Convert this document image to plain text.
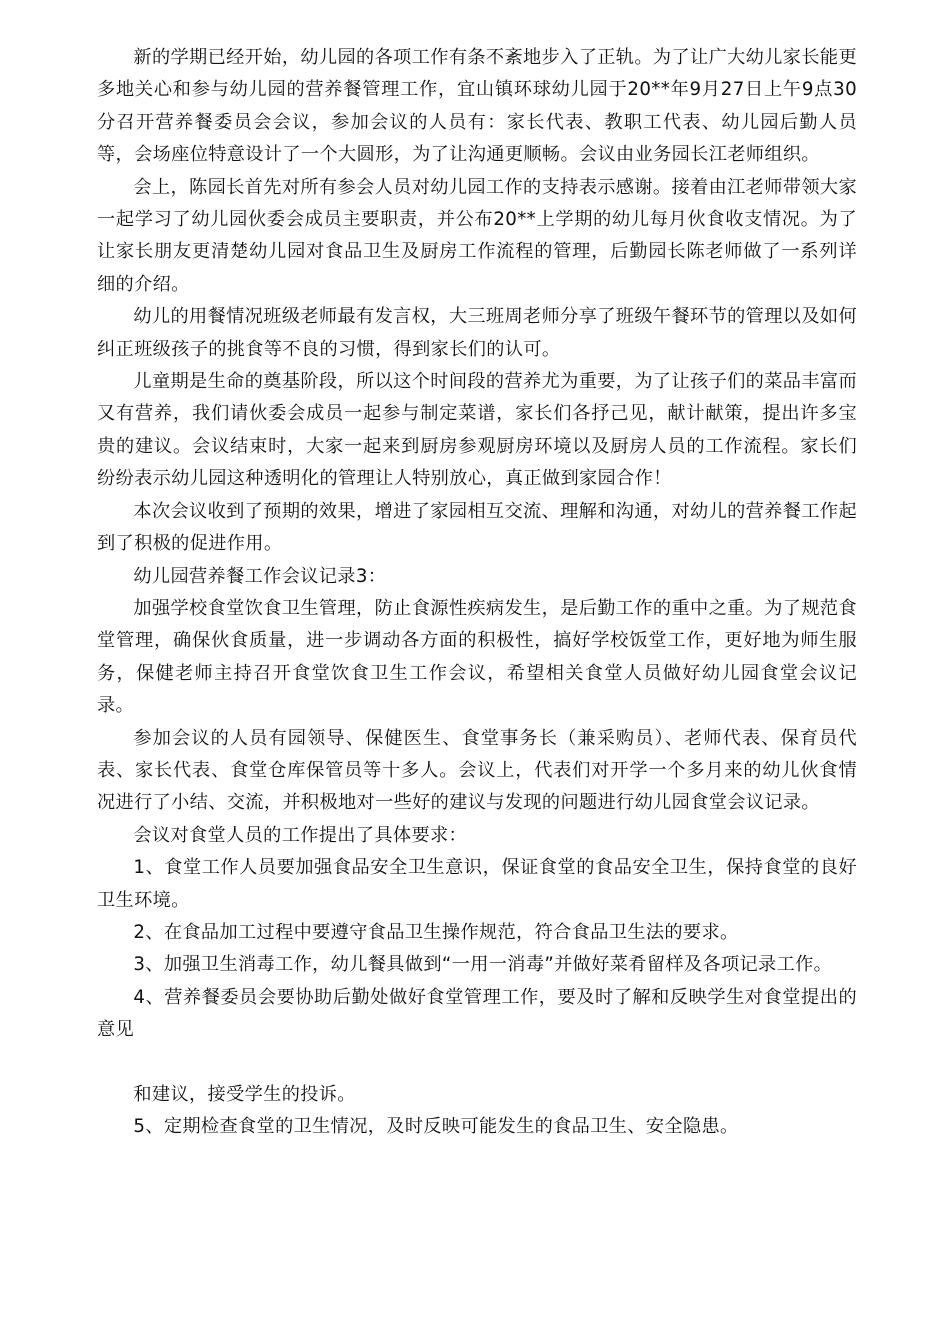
新的学期已经开始，幼儿园的各项工作有条不紊地步入了正轨。为了让广大幼儿家长能更多地关心和参与幼儿园的营养餐管理工作，宜山镇环球幼儿园于20**年9月27日上午9点30分召开营养餐委员会会议，参加会议的人员有：家长代表、教职工代表、幼儿园后勤人员等，会场座位特意设计了一个大圆形，为了让沟通更顺畅。会议由业务园长江老师组织。

会上，陈园长首先对所有参会人员对幼儿园工作的支持表示感谢。接着由江老师带领大家一起学习了幼儿园伙委会成员主要职责，并公布20**上学期的幼儿每月伙食收支情况。为了让家长朋友更清楚幼儿园对食品卫生及厨房工作流程的管理，后勤园长陈老师做了一系列详细的介绍。

幼儿的用餐情况班级老师最有发言权，大三班周老师分享了班级午餐环节的管理以及如何纠正班级孩子的挑食等不良的习惯，得到家长们的认可。

儿童期是生命的奠基阶段，所以这个时间段的营养尤为重要，为了让孩子们的菜品丰富而又有营养，我们请伙委会成员一起参与制定菜谱，家长们各抒己见，献计献策，提出许多宝贵的建议。会议结束时，大家一起来到厨房参观厨房环境以及厨房人员的工作流程。家长们纷纷表示幼儿园这种透明化的管理让人特别放心，真正做到家园合作！

本次会议收到了预期的效果，增进了家园相互交流、理解和沟通，对幼儿的营养餐工作起到了积极的促进作用。

幼儿园营养餐工作会议记录3：

加强学校食堂饮食卫生管理，防止食源性疾病发生，是后勤工作的重中之重。为了规范食堂管理，确保伙食质量，进一步调动各方面的积极性，搞好学校饭堂工作，更好地为师生服务，保健老师主持召开食堂饮食卫生工作会议，希望相关食堂人员做好幼儿园食堂会议记录。

参加会议的人员有园领导、保健医生、食堂事务长（兼采购员）、老师代表、保育员代表、家长代表、食堂仓库保管员等十多人。会议上，代表们对开学一个多月来的幼儿伙食情况进行了小结、交流，并积极地对一些好的建议与发现的问题进行幼儿园食堂会议记录。

会议对食堂人员的工作提出了具体要求：

1、食堂工作人员要加强食品安全卫生意识，保证食堂的食品安全卫生，保持食堂的良好卫生环境。

2、在食品加工过程中要遵守食品卫生操作规范，符合食品卫生法的要求。

3、加强卫生消毒工作，幼儿餐具做到“一用一消毒”并做好菜肴留样及各项记录工作。

4、营养餐委员会要协助后勤处做好食堂管理工作，要及时了解和反映学生对食堂提出的意见

和建议，接受学生的投诉。

5、定期检查食堂的卫生情况，及时反映可能发生的食品卫生、安全隐患。
